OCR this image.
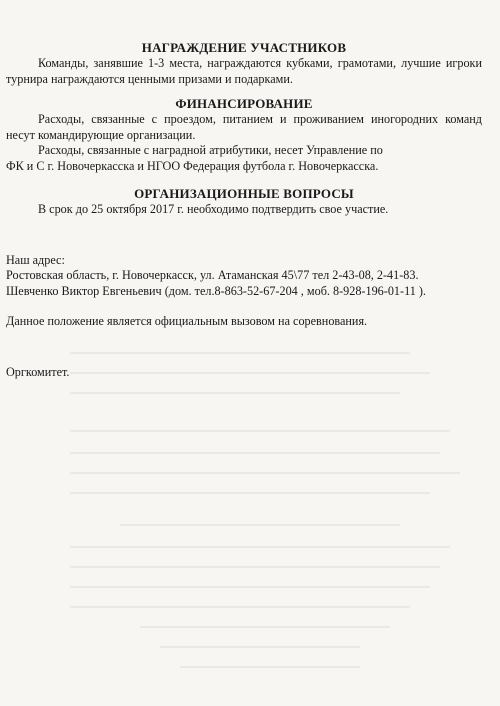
НАГРАЖДЕНИЕ УЧАСТНИКОВ

Команды, занявшие 1-3 места, награждаются кубками, грамотами, лучшие игроки турнира награждаются ценными призами и подарками.

ФИНАНСИРОВАНИЕ

Расходы, связанные с проездом, питанием и проживанием иногородних команд несут командирующие организации.

Расходы, связанные с наградной атрибутики, несет Управление по

ФК и С г. Новочеркасска и НГОО Федерация футбола г. Новочеркасска.

ОРГАНИЗАЦИОННЫЕ ВОПРОСЫ

В срок до 25 октября 2017 г. необходимо подтвердить свое участие.

Наш адрес:

Ростовская область, г. Новочеркасск, ул. Атаманская 45\77 тел 2-43-08, 2-41-83.

Шевченко Виктор Евгеньевич (дом. тел.8-863-52-67-204 , моб. 8-928-196-01-11 ).

Данное положение является официальным вызовом на соревнования.

Оргкомитет.
